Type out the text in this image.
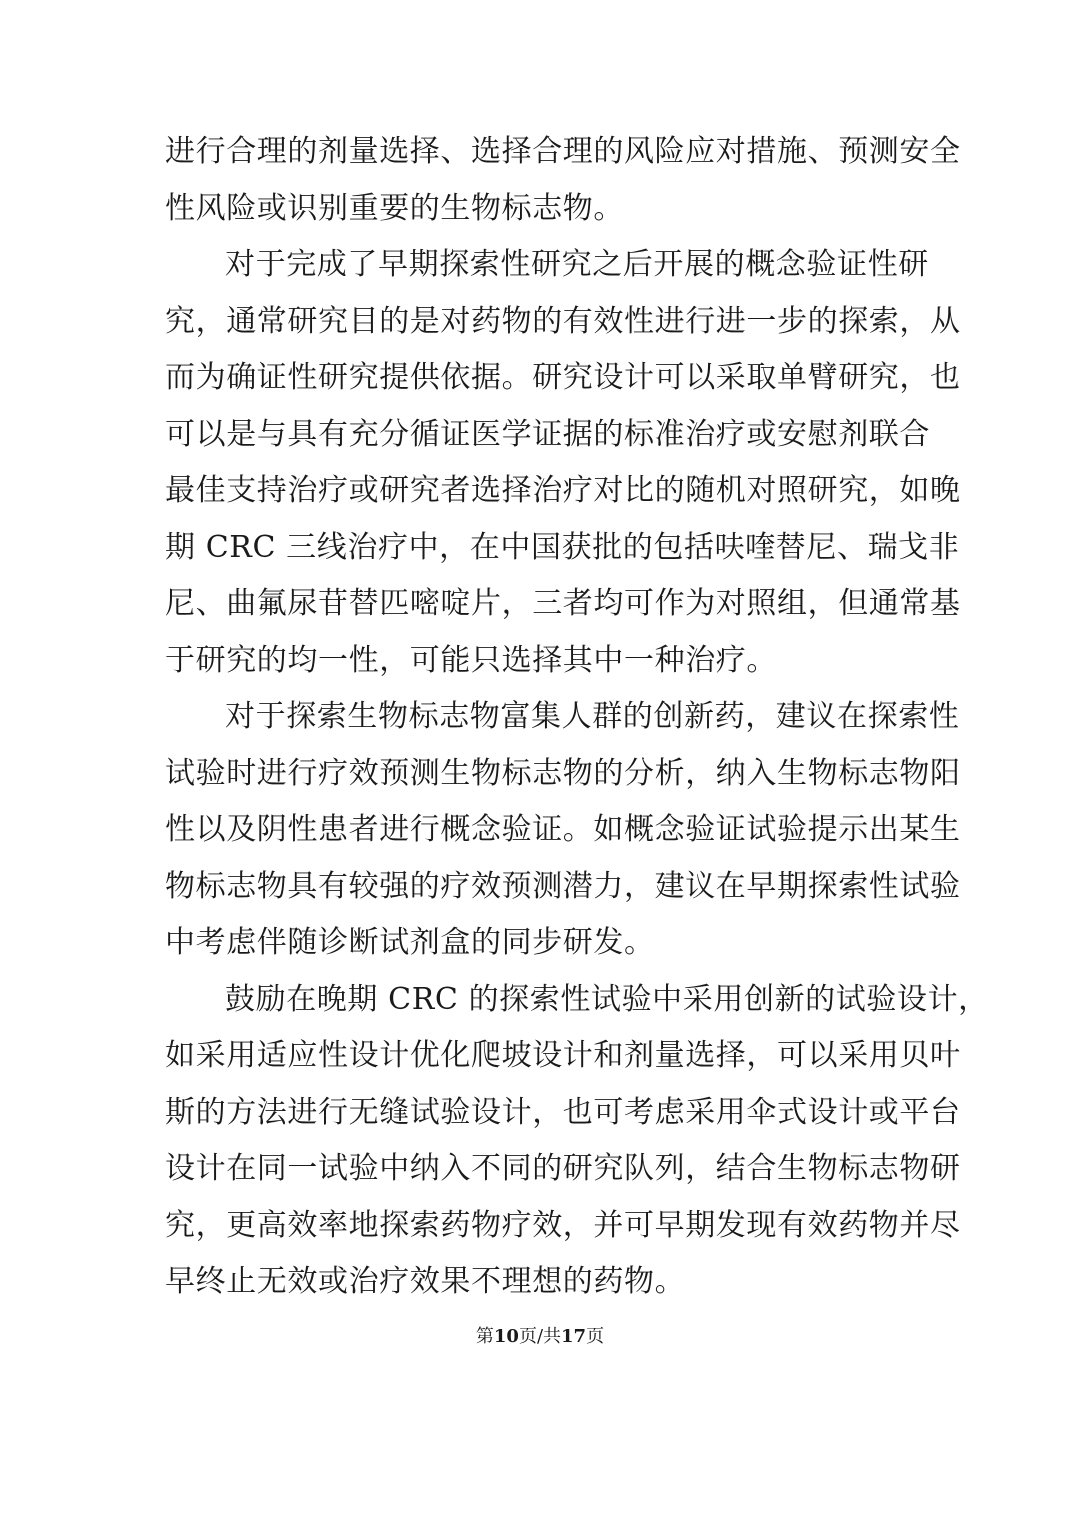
进行合理的剂量选择、选择合理的风险应对措施、预测安全
性风险或识别重要的生物标志物。
对于完成了早期探索性研究之后开展的概念验证性研
究，通常研究目的是对药物的有效性进行进一步的探索，从
而为确证性研究提供依据。研究设计可以采取单臂研究，也
可以是与具有充分循证医学证据的标准治疗或安慰剂联合
最佳支持治疗或研究者选择治疗对比的随机对照研究，如晚
期 CRC 三线治疗中，在中国获批的包括呋喹替尼、瑞戈非
尼、曲氟尿苷替匹嘧啶片，三者均可作为对照组，但通常基
于研究的均一性，可能只选择其中一种治疗。
对于探索生物标志物富集人群的创新药，建议在探索性
试验时进行疗效预测生物标志物的分析，纳入生物标志物阳
性以及阴性患者进行概念验证。如概念验证试验提示出某生
物标志物具有较强的疗效预测潜力，建议在早期探索性试验
中考虑伴随诊断试剂盒的同步研发。
鼓励在晚期 CRC 的探索性试验中采用创新的试验设计，
如采用适应性设计优化爬坡设计和剂量选择，可以采用贝叶
斯的方法进行无缝试验设计，也可考虑采用伞式设计或平台
设计在同一试验中纳入不同的研究队列，结合生物标志物研
究，更高效率地探索药物疗效，并可早期发现有效药物并尽
早终止无效或治疗效果不理想的药物。
第10页/共17页
